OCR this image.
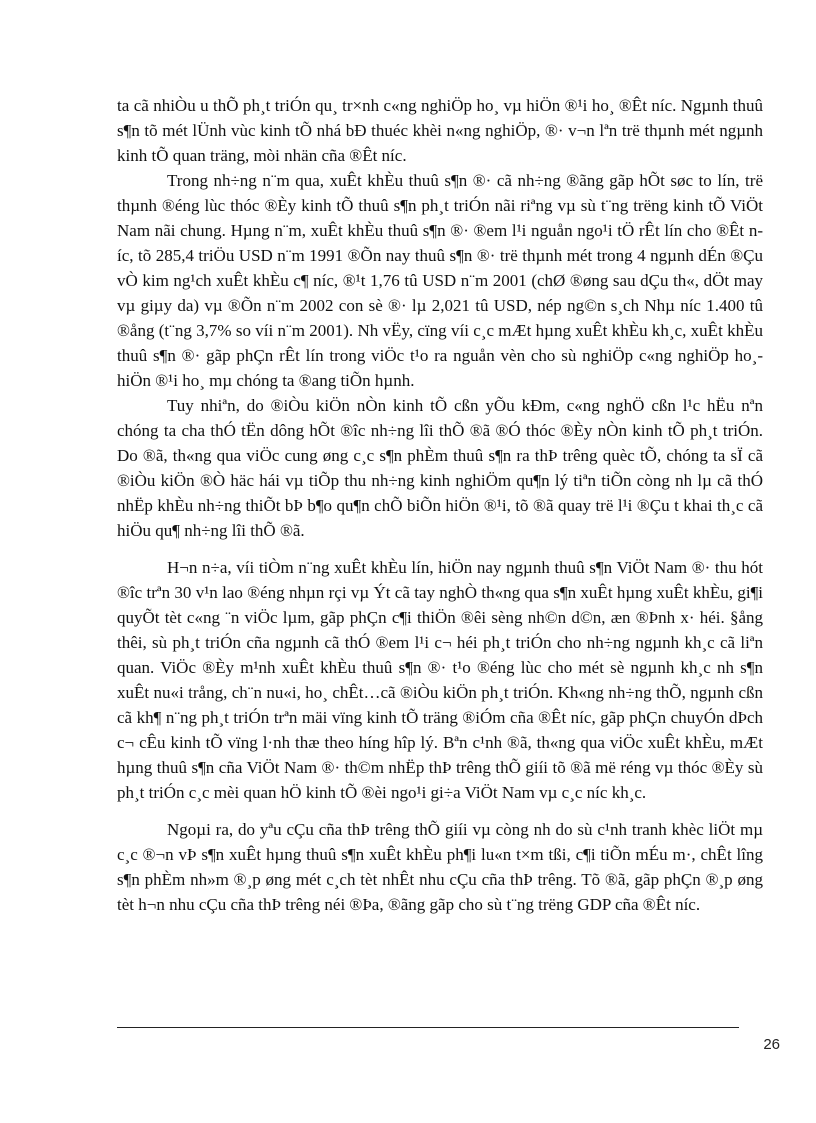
ta cã nhiÒu u thÕ ph¸t triÓn qu¸ tr×nh c«ng nghiÖp ho¸ vµ hiÖn ®¹i ho¸ ®Êt níc. Ngµnh thuû s¶n tõ mét lÜnh vùc kinh tÕ nhá bÐ thuéc khèi n«ng nghiÖp, ®· v¬n lªn trë thµnh mét ngµnh kinh tÕ quan träng, mòi nhän cña ®Êt níc.

Trong nh÷ng n¨m qua, xuÊt khÈu thuû s¶n ®· cã nh÷ng ®ãng gãp hÕt søc to lín, trë thµnh ®éng lùc thóc ®Èy kinh tÕ thuû s¶n ph¸t triÓn nãi riªng vµ sù t¨ng trëng kinh tÕ ViÖt Nam nãi chung. Hµng n¨m, xuÊt khÈu thuû s¶n ®· ®em l¹i nguån ngo¹i tÖ rÊt lín cho ®Êt níc, tõ 285,4 triÖu USD n¨m 1991 ®Õn nay thuû s¶n ®· trë thµnh mét trong 4 ngµnh dÉn ®Çu vÒ kim ng¹ch xuÊt khÈu c¶ níc, ®¹t 1,76 tû USD n¨m 2001 (chØ ®øng sau dÇu th«, dÖt may vµ giµy da) vµ ®Õn n¨m 2002 con sè ®· lµ 2,021 tû USD, nép ng©n s¸ch Nhµ níc 1.400 tû ®ång (t¨ng 3,7% so víi n¨m 2001). Nh vËy, cïng víi c¸c mÆt hµng xuÊt khÈu kh¸c, xuÊt khÈu thuû s¶n ®· gãp phÇn rÊt lín trong viÖc t¹o ra nguån vèn cho sù nghiÖp c«ng nghiÖp ho¸- hiÖn ®¹i ho¸ mµ chóng ta ®ang tiÕn hµnh.

Tuy nhiªn, do ®iÒu kiÖn nÒn kinh tÕ cßn yÕu kÐm, c«ng nghÖ cßn l¹c hËu nªn chóng ta cha thÓ tËn dông hÕt ®îc nh÷ng lîi thÕ ®ã ®Ó thóc ®Èy nÒn kinh tÕ ph¸t triÓn. Do ®ã, th«ng qua viÖc cung øng c¸c s¶n phÈm thuû s¶n ra thÞ trêng quèc tÕ, chóng ta sÏ cã ®iÒu kiÖn ®Ò häc hái vµ tiÕp thu nh÷ng kinh nghiÖm qu¶n lý tiªn tiÕn còng nh lµ cã thÓ nhËp khÈu nh÷ng thiÕt bÞ b¶o qu¶n chÕ biÕn hiÖn ®¹i, tõ ®ã quay trë l¹i ®Çu t khai th¸c cã hiÖu qu¶ nh÷ng lîi thÕ ®ã.

H¬n n÷a, víi tiÒm n¨ng xuÊt khÈu lín, hiÖn nay ngµnh thuû s¶n ViÖt Nam ®· thu hót ®îc trªn 30 v¹n lao ®éng nhµn rçi vµ Ýt cã tay nghÒ th«ng qua s¶n xuÊt hµng xuÊt khÈu, gi¶i quyÕt tèt c«ng ¨n viÖc lµm, gãp phÇn c¶i thiÖn ®êi sèng nh©n d©n, æn ®Þnh x· héi. §ång thêi, sù ph¸t triÓn cña ngµnh cã thÓ ®em l¹i c¬ héi ph¸t triÓn cho nh÷ng ngµnh kh¸c cã liªn quan. ViÖc ®Èy m¹nh xuÊt khÈu thuû s¶n ®· t¹o ®éng lùc cho mét sè ngµnh kh¸c nh s¶n xuÊt nu«i trång, ch¨n nu«i, ho¸ chÊt…cã ®iÒu kiÖn ph¸t triÓn. Kh«ng nh÷ng thÕ, ngµnh cßn cã kh¶ n¨ng ph¸t triÓn trªn mäi vïng kinh tÕ träng ®iÓm cña ®Êt níc, gãp phÇn chuyÓn dÞch c¬ cÊu kinh tÕ vïng l·nh thæ theo híng hîp lý. Bªn c¹nh ®ã, th«ng qua viÖc xuÊt khÈu, mÆt hµng thuû s¶n cña ViÖt Nam ®· th©m nhËp thÞ trêng thÕ giíi tõ ®ã më réng vµ thóc ®Èy sù ph¸t triÓn c¸c mèi quan hÖ kinh tÕ ®èi ngo¹i gi÷a ViÖt Nam vµ c¸c níc kh¸c.

Ngoµi ra, do yªu cÇu cña thÞ trêng thÕ giíi vµ còng nh do sù c¹nh tranh khèc liÖt mµ c¸c ®¬n vÞ s¶n xuÊt hµng thuû s¶n xuÊt khÈu ph¶i lu«n t×m tßi, c¶i tiÕn mÉu m·, chÊt lîng s¶n phÈm nh»m ®¸p øng mét c¸ch tèt nhÊt nhu cÇu cña thÞ trêng. Tõ ®ã, gãp phÇn ®¸p øng tèt h¬n nhu cÇu cña thÞ trêng néi ®Þa, ®ãng gãp cho sù t¨ng trëng GDP cña ®Êt níc.

26
